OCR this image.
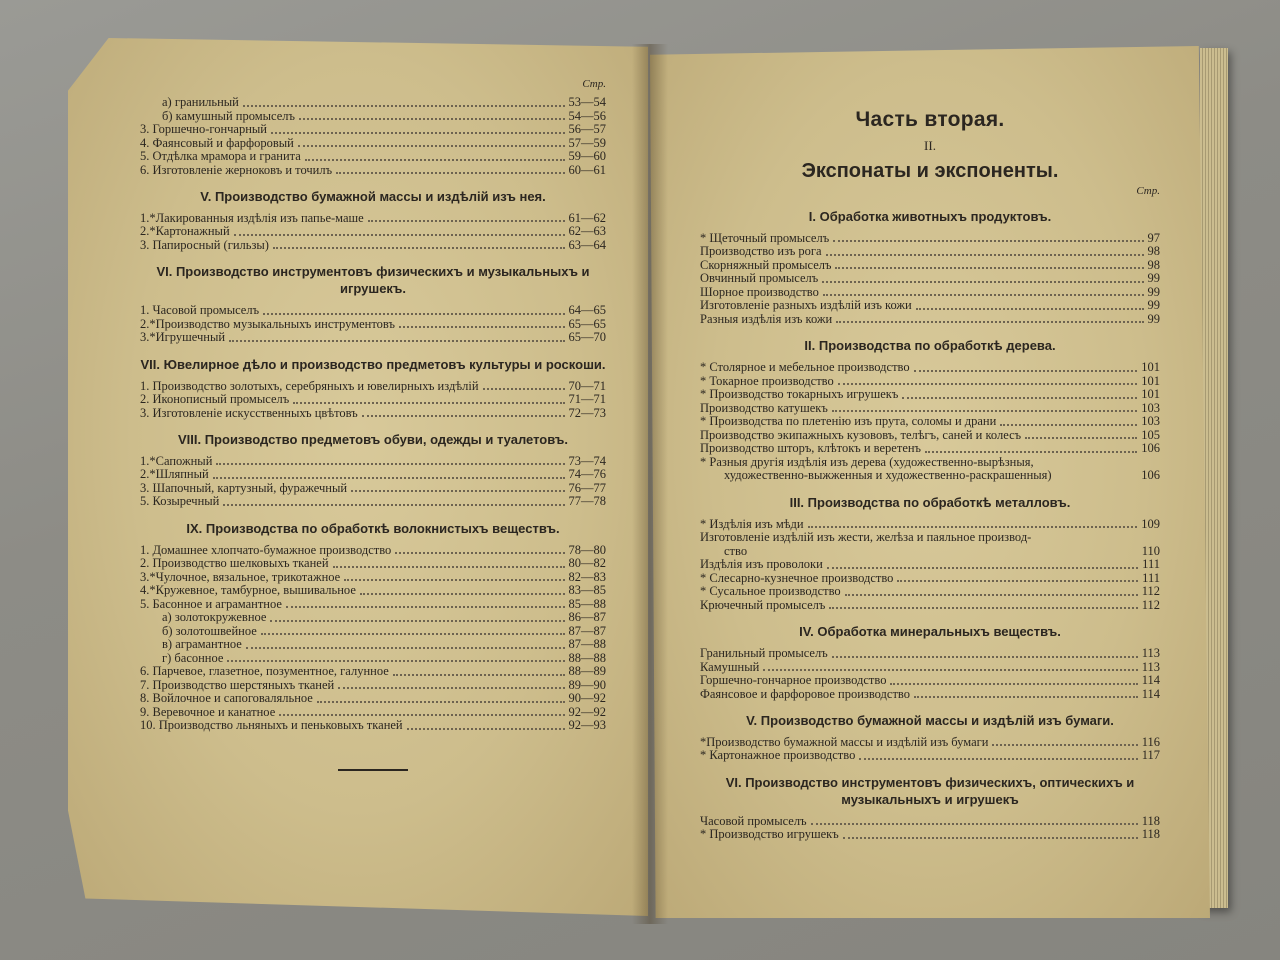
Стр.
а) гранильный	53—54
б) камушный промыселъ	54—56
3. Горшечно-гончарный	56—57
4. Фаянсовый и фарфоровый	57—59
5. Отдѣлка мрамора и гранита	59—60
6. Изготовленіе жерноковъ и точилъ	60—61
V. Производство бумажной массы и издѣлій изъ нея.
1.*Лакированныя издѣлія изъ папье-маше	61—62
2.*Картонажный	62—63
3. Папиросный (гильзы)	63—64
VI. Производство инструментовъ физическихъ и музыкальныхъ и игрушекъ.
1. Часовой промыселъ	64—65
2.*Производство музыкальныхъ инструментовъ	65—65
3.*Игрушечный	65—70
VII. Ювелирное дѣло и производство предметовъ культуры и роскоши.
1. Производство золотыхъ, серебряныхъ и ювелирныхъ издѣлій	70—71
2. Иконописный промыселъ	71—71
3. Изготовленіе искусственныхъ цвѣтовъ	72—73
VIII. Производство предметовъ обуви, одежды и туалетовъ.
1.*Сапожный	73—74
2.*Шляпный	74—76
3. Шапочный, картузный, фуражечный	76—77
5. Козыречный	77—78
IX. Производства по обработкѣ волокнистыхъ веществъ.
1. Домашнее хлопчато-бумажное производство	78—80
2. Производство шелковыхъ тканей	80—82
3.*Чулочное, вязальное, трикотажное	82—83
4.*Кружевное, тамбурное, вышивальное	83—85
5. Басонное и аграмантное	85—88
а) золотокружевное	86—87
б) золотошвейное	87—87
в) аграмантное	87—88
г) басонное	88—88
6. Парчевое, глазетное, позументное, галунное	88—89
7. Производство шерстяныхъ тканей	89—90
8. Войлочное и сапоговаляльное	90—92
9. Веревочное и канатное	92—92
10. Производство льняныхъ и пеньковыхъ тканей	92—93
Часть вторая.
II.
Экспонаты и экспоненты.
Стр.
I. Обработка животныхъ продуктовъ.
* Щеточный промыселъ	97
Производство изъ рога	98
Скорняжный промыселъ	98
Овчинный промыселъ	99
Шорное производство	99
Изготовленіе разныхъ издѣлій изъ кожи	99
Разныя издѣлія изъ кожи	99
II. Производства по обработкѣ дерева.
* Столярное и мебельное производство	101
* Токарное производство	101
* Производство токарныхъ игрушекъ	101
Производство катушекъ	103
* Производства по плетенію изъ прута, соломы и драни	103
Производство экипажныхъ кузововъ, телѣгъ, саней и колесъ	105
Производство шторъ, клѣтокъ и веретенъ	106
* Разныя другія издѣлія изъ дерева (художественно-вырѣзныя,
художественно-выжженныя и художественно-раскрашенныя)	106
III. Производства по обработкѣ металловъ.
* Издѣлія изъ мѣди	109
Изготовленіе издѣлій изъ жести, желѣза и паяльное производ-
ство	110
Издѣлія изъ проволоки	111
* Слесарно-кузнечное производство	111
* Сусальное производство	112
Крючечный промыселъ	112
IV. Обработка минеральныхъ веществъ.
Гранильный промыселъ	113
Камушный	113
Горшечно-гончарное производство	114
Фаянсовое и фарфоровое производство	114
V. Производство бумажной массы и издѣлій изъ бумаги.
*Производство бумажной массы и издѣлій изъ бумаги	116
* Картонажное производство	117
VI. Производство инструментовъ физическихъ, оптическихъ и музыкальныхъ и игрушекъ
Часовой промыселъ	118
* Производство игрушекъ	118
